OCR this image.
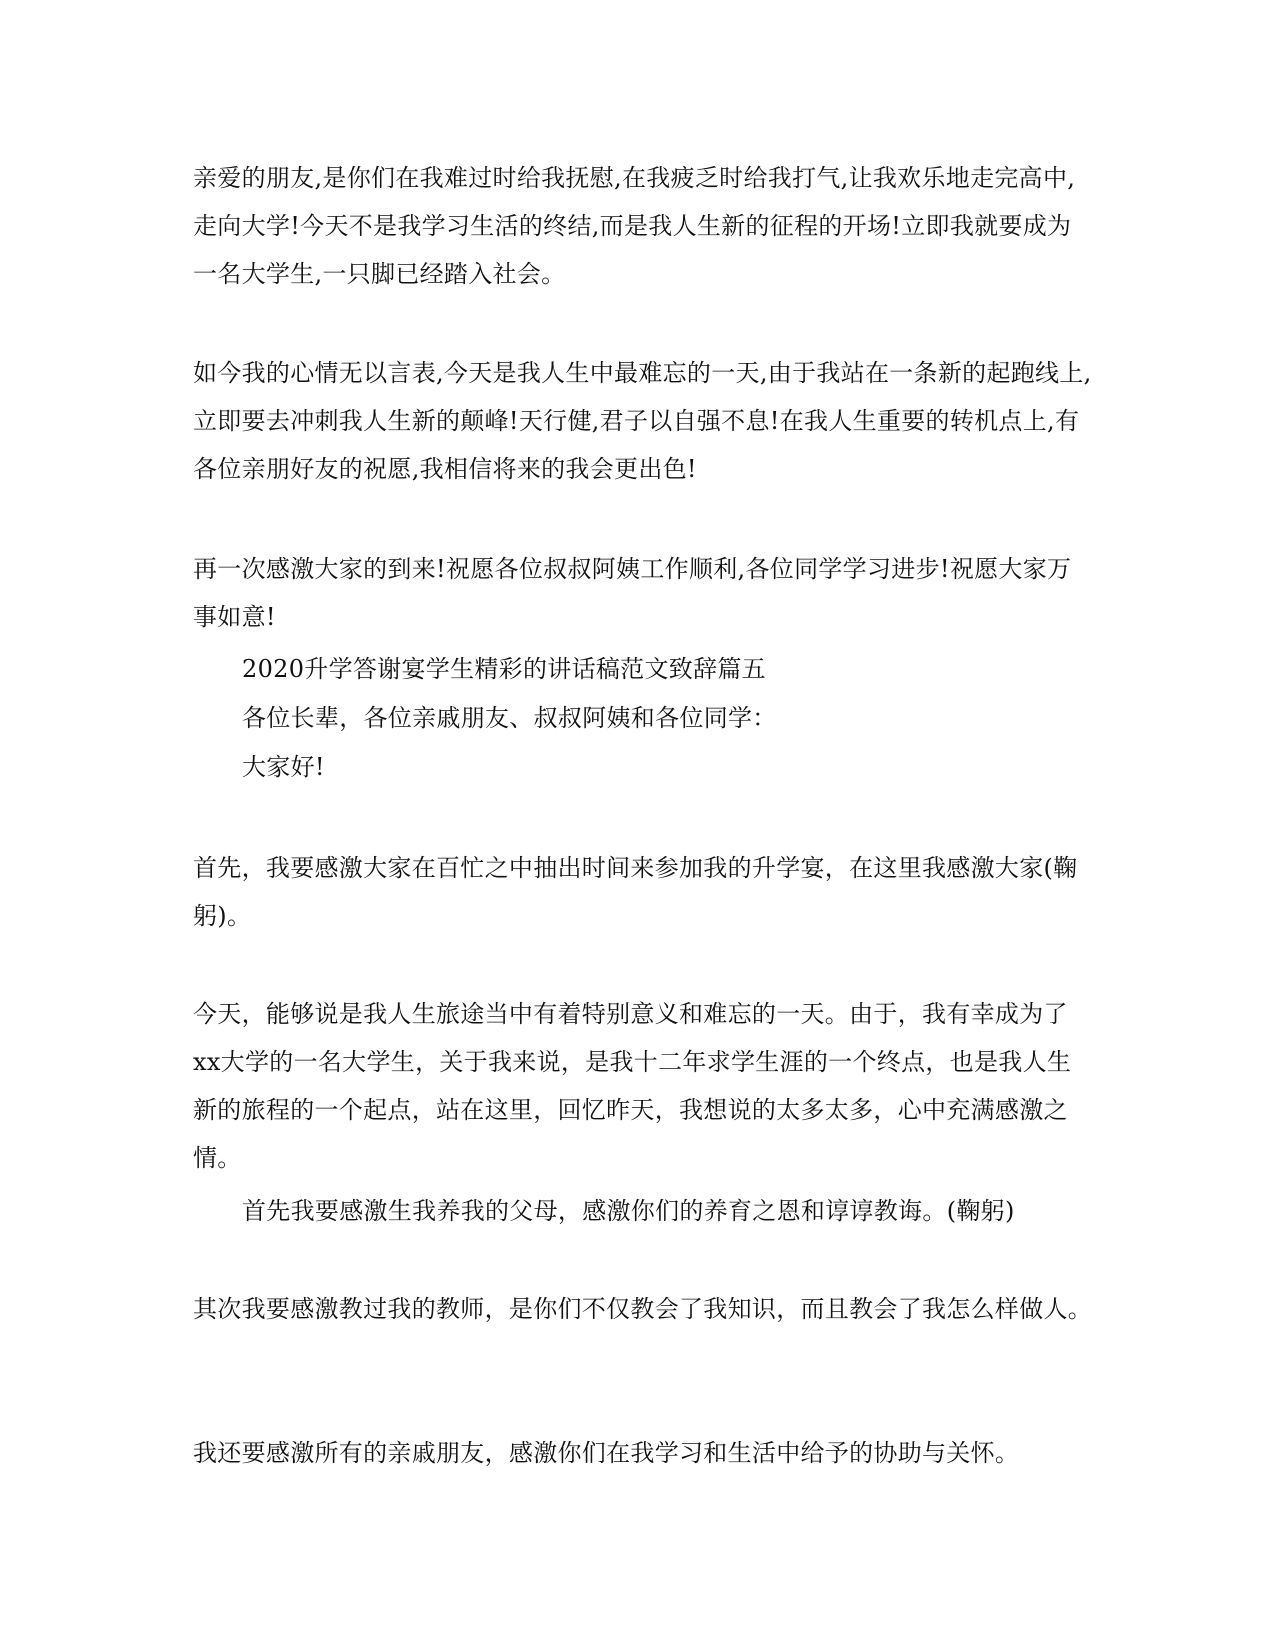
亲爱的朋友,是你们在我难过时给我抚慰,在我疲乏时给我打气,让我欢乐地走完高中,走向大学!今天不是我学习生活的终结,而是我人生新的征程的开场!立即我就要成为一名大学生,一只脚已经踏入社会。

如今我的心情无以言表,今天是我人生中最难忘的一天,由于我站在一条新的起跑线上,立即要去冲刺我人生新的颠峰!天行健,君子以自强不息!在我人生重要的转机点上,有各位亲朋好友的祝愿,我相信将来的我会更出色!

再一次感激大家的到来!祝愿各位叔叔阿姨工作顺利,各位同学学习进步!祝愿大家万事如意!

2020升学答谢宴学生精彩的讲话稿范文致辞篇五

各位长辈，各位亲戚朋友、叔叔阿姨和各位同学：

大家好!

首先，我要感激大家在百忙之中抽出时间来参加我的升学宴，在这里我感激大家(鞠躬)。

今天，能够说是我人生旅途当中有着特别意义和难忘的一天。由于，我有幸成为了xx大学的一名大学生，关于我来说，是我十二年求学生涯的一个终点，也是我人生新的旅程的一个起点，站在这里，回忆昨天，我想说的太多太多，心中充满感激之情。

首先我要感激生我养我的父母，感激你们的养育之恩和谆谆教诲。(鞠躬)

其次我要感激教过我的教师，是你们不仅教会了我知识，而且教会了我怎么样做人。

我还要感激所有的亲戚朋友，感激你们在我学习和生活中给予的协助与关怀。
